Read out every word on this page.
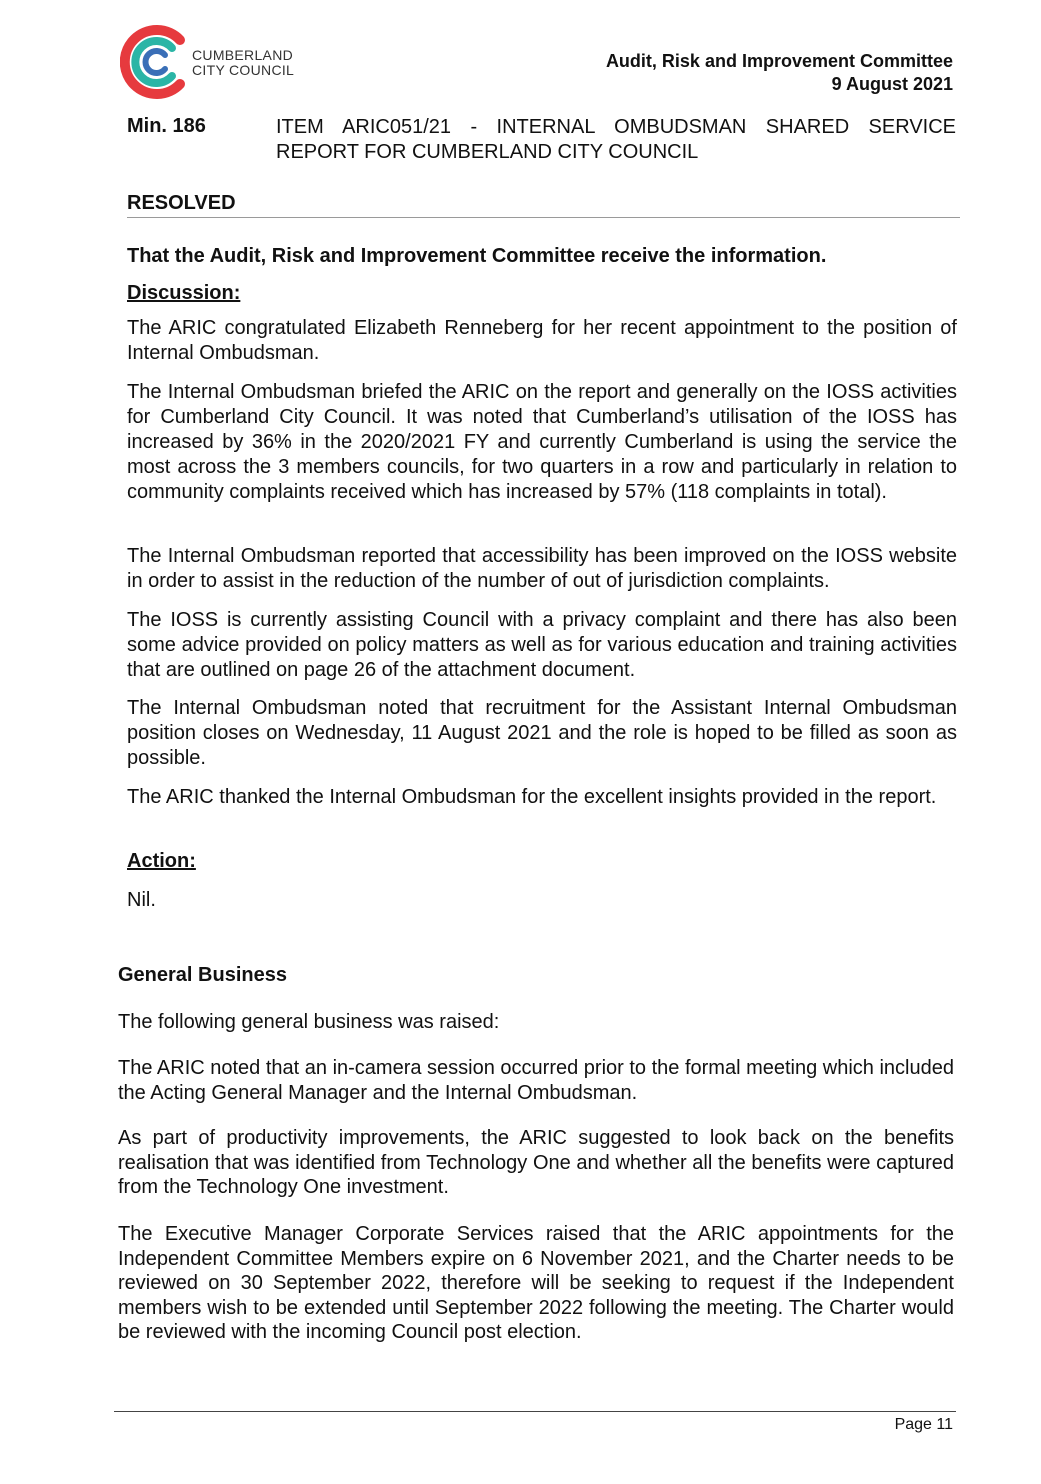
CUMBERLAND
CITY COUNCIL	Audit, Risk and Improvement Committee
9 August 2021
Min. 186	ITEM ARIC051/21 - INTERNAL OMBUDSMAN SHARED SERVICE REPORT FOR CUMBERLAND CITY COUNCIL
RESOLVED
That the Audit, Risk and Improvement Committee receive the information.
Discussion:
The ARIC congratulated Elizabeth Renneberg for her recent appointment to the position of Internal Ombudsman.
The Internal Ombudsman briefed the ARIC on the report and generally on the IOSS activities for Cumberland City Council. It was noted that Cumberland’s utilisation of the IOSS has increased by 36% in the 2020/2021 FY and currently Cumberland is using the service the most across the 3 members councils, for two quarters in a row and particularly in relation to community complaints received which has increased by 57% (118 complaints in total).
The Internal Ombudsman reported that accessibility has been improved on the IOSS website in order to assist in the reduction of the number of out of jurisdiction complaints.
The IOSS is currently assisting Council with a privacy complaint and there has also been some advice provided on policy matters as well as for various education and training activities that are outlined on page 26 of the attachment document.
The Internal Ombudsman noted that recruitment for the Assistant Internal Ombudsman position closes on Wednesday, 11 August 2021 and the role is hoped to be filled as soon as possible.
The ARIC thanked the Internal Ombudsman for the excellent insights provided in the report.
Action:
Nil.
General Business
The following general business was raised:
The ARIC noted that an in-camera session occurred prior to the formal meeting which included the Acting General Manager and the Internal Ombudsman.
As part of productivity improvements, the ARIC suggested to look back on the benefits realisation that was identified from Technology One and whether all the benefits were captured from the Technology One investment.
The Executive Manager Corporate Services raised that the ARIC appointments for the Independent Committee Members expire on 6 November 2021, and the Charter needs to be reviewed on 30 September 2022, therefore will be seeking to request if the Independent members wish to be extended until September 2022 following the meeting. The Charter would be reviewed with the incoming Council post election.
Page 11
